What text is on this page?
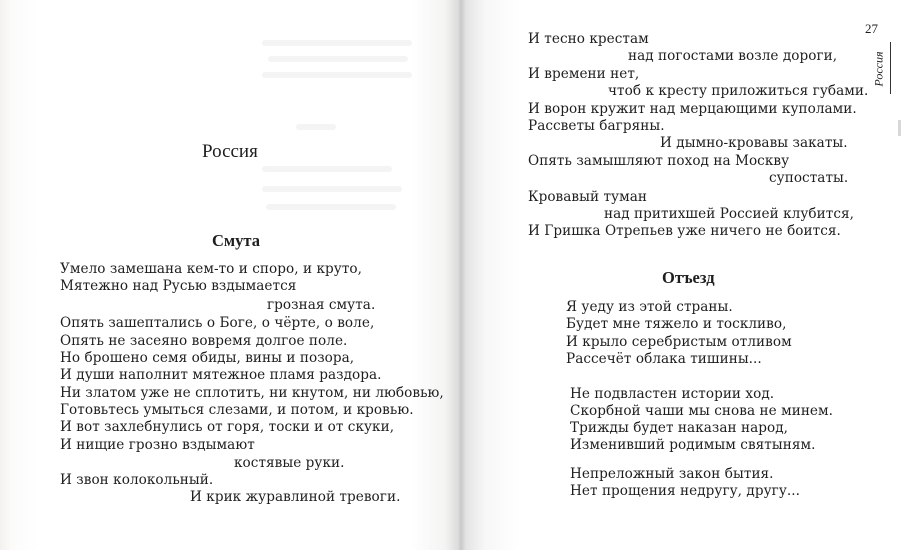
Россия
Смута
Умело замешана кем-то и споро, и круто,
Мятежно над Русью вздымается
грозная смута.
Опять зашептались о Боге, о чёрте, о воле,
Опять не засеяно вовремя долгое поле.
Но брошено семя обиды, вины и позора,
И души наполнит мятежное пламя раздора.
Ни златом уже не сплотить, ни кнутом, ни любовью,
Готовьтесь умыться слезами, и потом, и кровью.
И вот захлебнулись от горя, тоски и от скуки,
И нищие грозно вздымают
костявые руки.
И звон колокольный.
И крик журавлиной тревоги.
27
Россия
И тесно крестам
над погостами возле дороги,
И времени нет,
чтоб к кресту приложиться губами.
И ворон кружит над мерцающими куполами.
Рассветы багряны.
И дымно-кровавы закаты.
Опять замышляют поход на Москву
супостаты.
Кровавый туман
над притихшей Россией клубится,
И Гришка Отрепьев уже ничего не боится.
Отъезд
Я уеду из этой страны.
Будет мне тяжело и тоскливо,
И крыло серебристым отливом
Рассечёт облака тишины...
Не подвластен истории ход.
Скорбной чаши мы снова не минем.
Трижды будет наказан народ,
Изменивший родимым святыням.
Непреложный закон бытия.
Нет прощения недругу, другу...
